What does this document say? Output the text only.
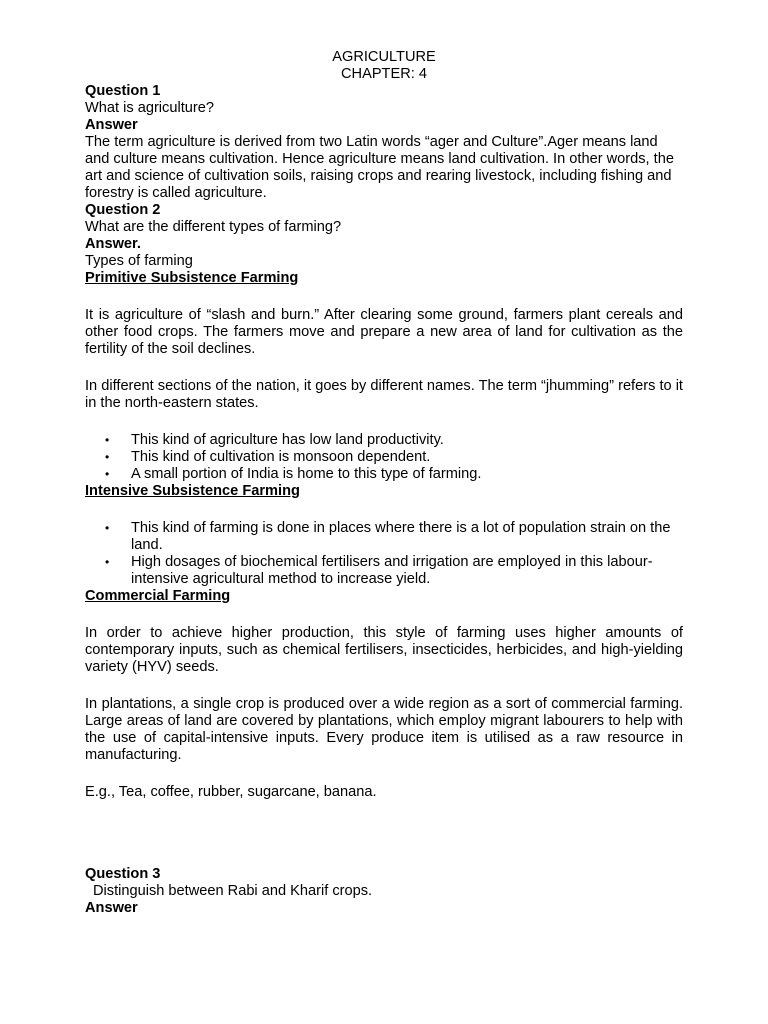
AGRICULTURE

CHAPTER: 4

Question 1

What is agriculture?

Answer

The term agriculture is derived from two Latin words “ager and Culture”.Ager means land and culture means cultivation. Hence agriculture means land cultivation. In other words, the art and science of cultivation soils, raising crops and rearing livestock, including fishing and forestry is called agriculture.

Question 2

What are the different types of farming?

Answer.

Types of farming

Primitive Subsistence Farming

It is agriculture of “slash and burn.” After clearing some ground, farmers plant cereals and other food crops. The farmers move and prepare a new area of land for cultivation as the fertility of the soil declines.

In different sections of the nation, it goes by different names. The term “jhumming” refers to it in the north-eastern states.

• This kind of agriculture has low land productivity.
• This kind of cultivation is monsoon dependent.
• A small portion of India is home to this type of farming.

Intensive Subsistence Farming

• This kind of farming is done in places where there is a lot of population strain on the land.
• High dosages of biochemical fertilisers and irrigation are employed in this labour-intensive agricultural method to increase yield.

Commercial Farming

In order to achieve higher production, this style of farming uses higher amounts of contemporary inputs, such as chemical fertilisers, insecticides, herbicides, and high-yielding variety (HYV) seeds.

In plantations, a single crop is produced over a wide region as a sort of commercial farming. Large areas of land are covered by plantations, which employ migrant labourers to help with the use of capital-intensive inputs. Every produce item is utilised as a raw resource in manufacturing.

E.g., Tea, coffee, rubber, sugarcane, banana.

Question 3

Distinguish between Rabi and Kharif crops.

Answer
